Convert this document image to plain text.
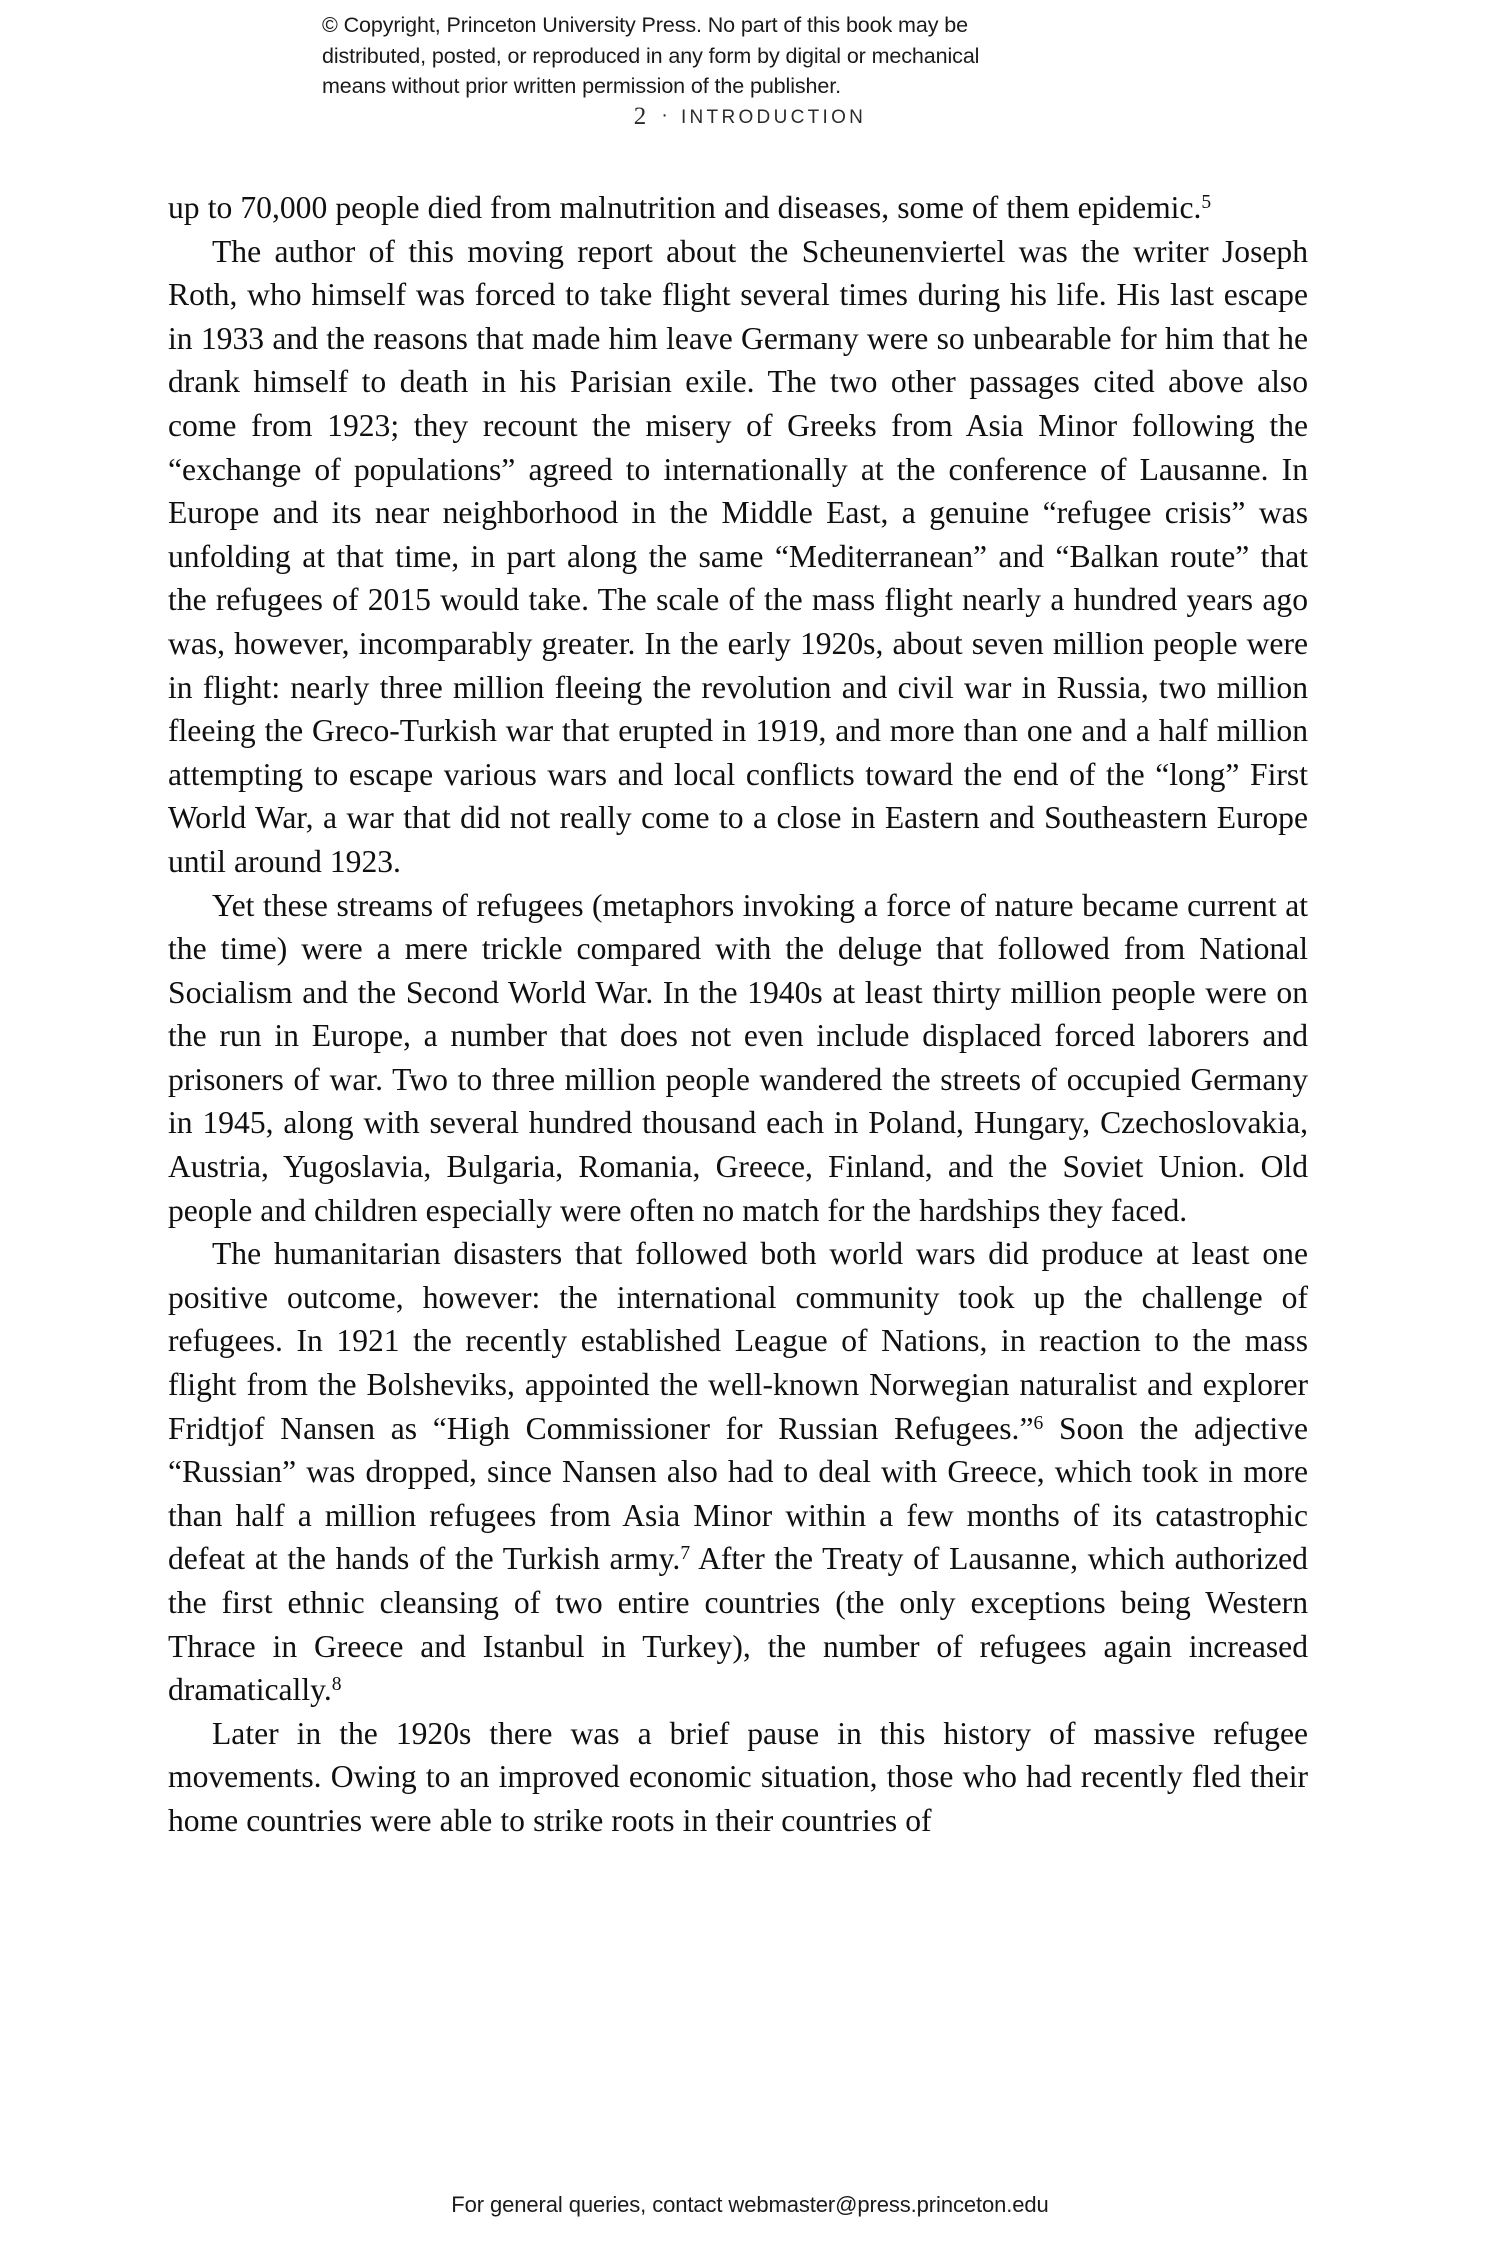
© Copyright, Princeton University Press. No part of this book may be
distributed, posted, or reproduced in any form by digital or mechanical
means without prior written permission of the publisher.
2 · INTRODUCTION

up to 70,000 people died from malnutrition and diseases, some of them epidemic.$^5$

The author of this moving report about the Scheunenviertel was the writer Joseph Roth, who himself was forced to take flight several times during his life. His last escape in 1933 and the reasons that made him leave Germany were so unbearable for him that he drank himself to death in his Parisian exile. The two other passages cited above also come from 1923; they recount the misery of Greeks from Asia Minor following the “exchange of populations” agreed to internationally at the conference of Lausanne. In Europe and its near neighborhood in the Middle East, a genuine “refugee crisis” was unfolding at that time, in part along the same “Mediterranean” and “Balkan route” that the refugees of 2015 would take. The scale of the mass flight nearly a hundred years ago was, however, incomparably greater. In the early 1920s, about seven million people were in flight: nearly three million fleeing the revolution and civil war in Russia, two million fleeing the Greco-Turkish war that erupted in 1919, and more than one and a half million attempting to escape various wars and local conflicts toward the end of the “long” First World War, a war that did not really come to a close in Eastern and Southeastern Europe until around 1923.

Yet these streams of refugees (metaphors invoking a force of nature became current at the time) were a mere trickle compared with the deluge that followed from National Socialism and the Second World War. In the 1940s at least thirty million people were on the run in Europe, a number that does not even include displaced forced laborers and prisoners of war. Two to three million people wandered the streets of occupied Germany in 1945, along with several hundred thousand each in Poland, Hungary, Czechoslovakia, Austria, Yugoslavia, Bulgaria, Romania, Greece, Finland, and the Soviet Union. Old people and children especially were often no match for the hardships they faced.

The humanitarian disasters that followed both world wars did produce at least one positive outcome, however: the international community took up the challenge of refugees. In 1921 the recently established League of Nations, in reaction to the mass flight from the Bolsheviks, appointed the well-known Norwegian naturalist and explorer Fridtjof Nansen as “High Commissioner for Russian Refugees.”$^6$ Soon the adjective “Russian” was dropped, since Nansen also had to deal with Greece, which took in more than half a million refugees from Asia Minor within a few months of its catastrophic defeat at the hands of the Turkish army.$^7$ After the Treaty of Lausanne, which authorized the first ethnic cleansing of two entire countries (the only exceptions being Western Thrace in Greece and Istanbul in Turkey), the number of refugees again increased dramatically.$^8$

Later in the 1920s there was a brief pause in this history of massive refugee movements. Owing to an improved economic situation, those who had recently fled their home countries were able to strike roots in their countries of

For general queries, contact webmaster@press.princeton.edu
